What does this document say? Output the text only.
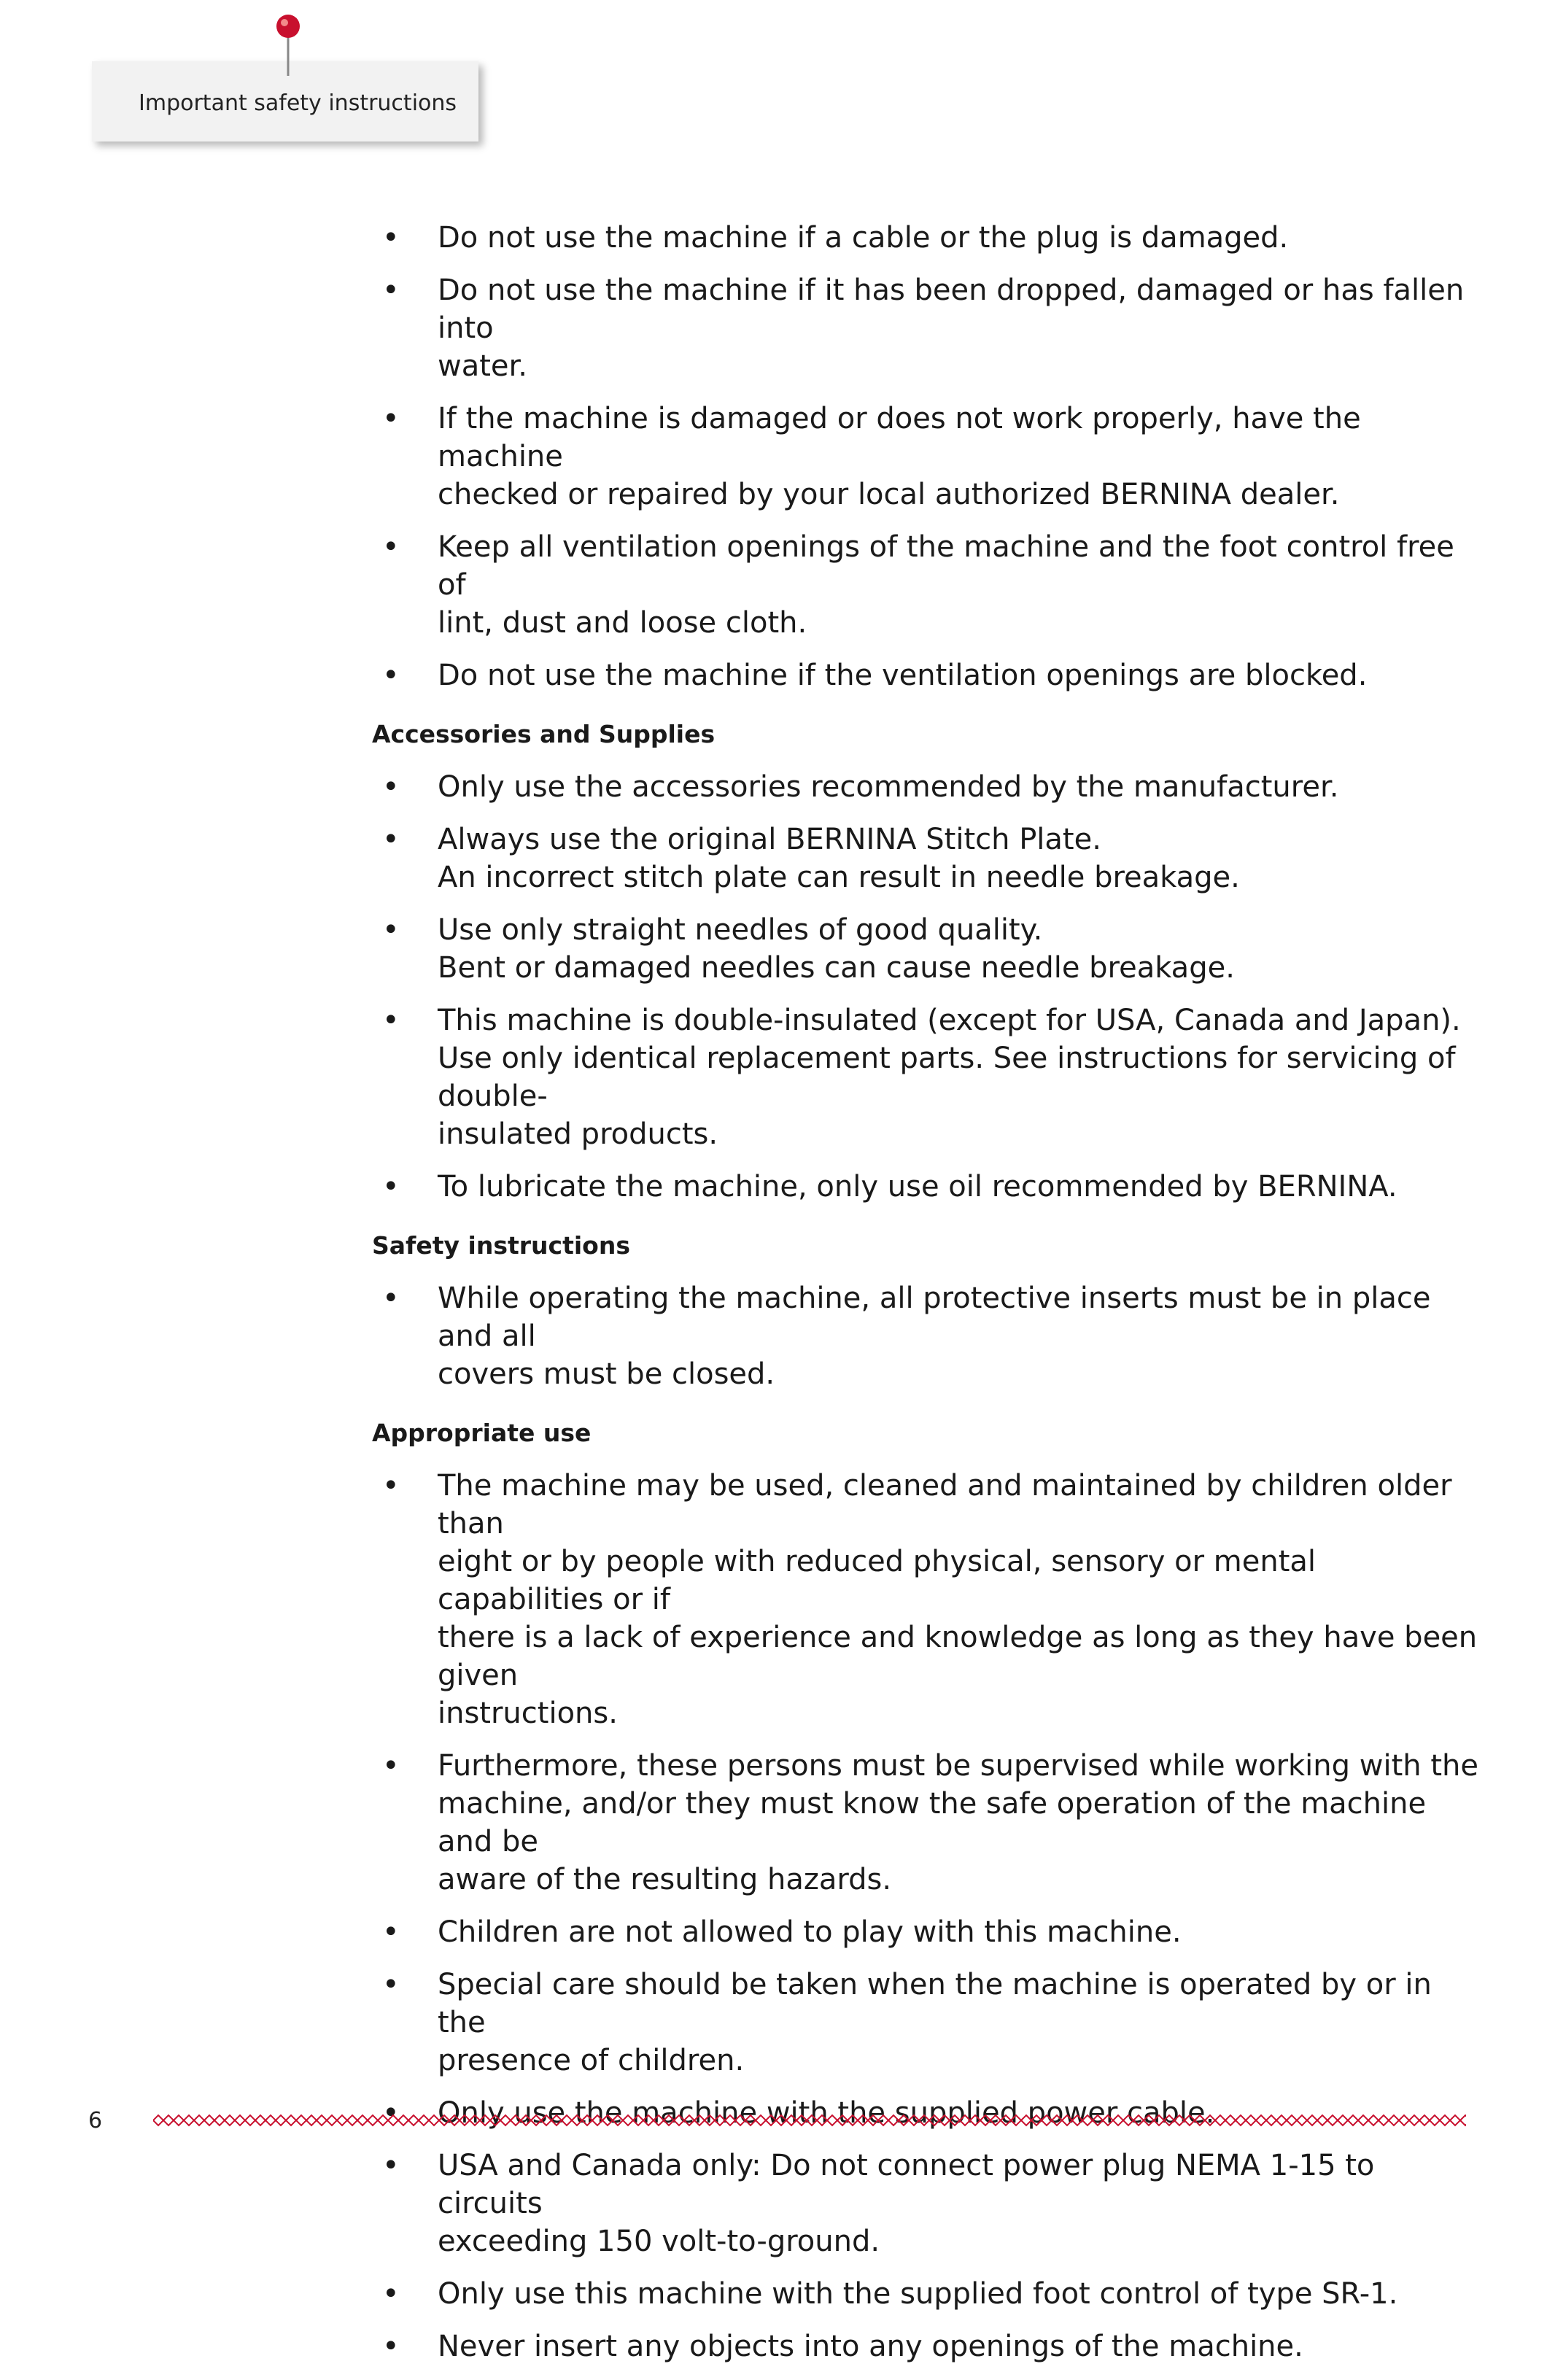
Important safety instructions
• Do not use the machine if a cable or the plug is damaged.
• Do not use the machine if it has been dropped, damaged or has fallen into
water.
• If the machine is damaged or does not work properly, have the machine
checked or repaired by your local authorized BERNINA dealer.
• Keep all ventilation openings of the machine and the foot control free of
lint, dust and loose cloth.
• Do not use the machine if the ventilation openings are blocked.
Accessories and Supplies
• Only use the accessories recommended by the manufacturer.
• Always use the original BERNINA Stitch Plate.
An incorrect stitch plate can result in needle breakage.
• Use only straight needles of good quality.
Bent or damaged needles can cause needle breakage.
• This machine is double-insulated (except for USA, Canada and Japan).
Use only identical replacement parts. See instructions for servicing of double-
insulated products.
• To lubricate the machine, only use oil recommended by BERNINA.
Safety instructions
• While operating the machine, all protective inserts must be in place and all
covers must be closed.
Appropriate use
• The machine may be used, cleaned and maintained by children older than
eight or by people with reduced physical, sensory or mental capabilities or if
there is a lack of experience and knowledge as long as they have been given
instructions.
• Furthermore, these persons must be supervised while working with the
machine, and/or they must know the safe operation of the machine and be
aware of the resulting hazards.
• Children are not allowed to play with this machine.
• Special care should be taken when the machine is operated by or in the
presence of children.
• Only use the machine with the supplied power cable.
• USA and Canada only: Do not connect power plug NEMA 1-15 to circuits
exceeding 150 volt-to-ground.
• Only use this machine with the supplied foot control of type SR-1.
• Never insert any objects into any openings of the machine.
6
